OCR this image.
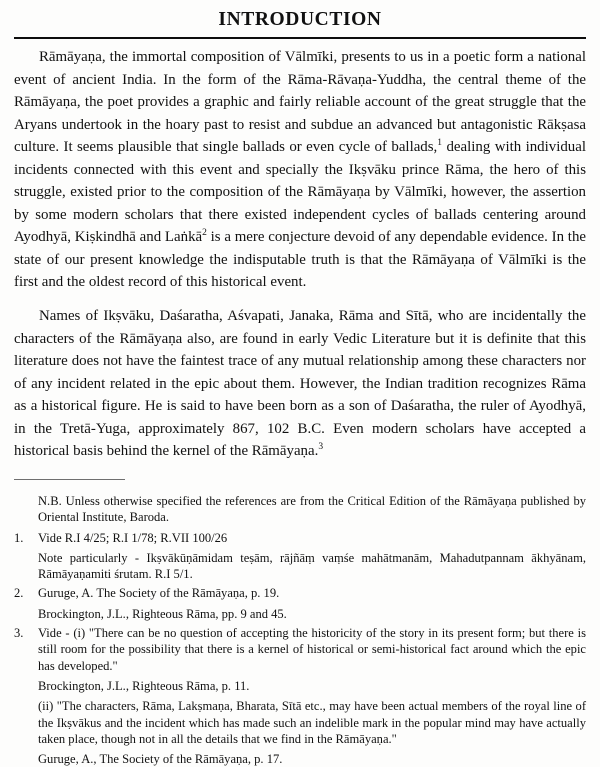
INTRODUCTION

Rāmāyaṇa, the immortal composition of Vālmīki, presents to us in a poetic form a national event of ancient India. In the form of the Rāma-Rāvaṇa-Yuddha, the central theme of the Rāmāyaṇa, the poet provides a graphic and fairly reliable account of the great struggle that the Aryans undertook in the hoary past to resist and subdue an advanced but antagonistic Rākṣasa culture. It seems plausible that single ballads or even cycle of ballads,$^1$ dealing with individual incidents connected with this event and specially the Ikṣvāku prince Rāma, the hero of this struggle, existed prior to the composition of the Rāmāyaṇa by Vālmīki, however, the assertion by some modern scholars that there existed independent cycles of ballads centering around Ayodhyā, Kiṣkindhā and Laṅkā$^2$ is a mere conjecture devoid of any dependable evidence. In the state of our present knowledge the indisputable truth is that the Rāmāyaṇa of Vālmīki is the first and the oldest record of this historical event.

Names of Ikṣvāku, Daśaratha, Aśvapati, Janaka, Rāma and Sītā, who are incidentally the characters of the Rāmāyaṇa also, are found in early Vedic Literature but it is definite that this literature does not have the faintest trace of any mutual relationship among these characters nor of any incident related in the epic about them. However, the Indian tradition recognizes Rāma as a historical figure. He is said to have been born as a son of Daśaratha, the ruler of Ayodhyā, in the Tretā-Yuga, approximately 867, 102 B.C. Even modern scholars have accepted a historical basis behind the kernel of the Rāmāyaṇa.$^3$

N.B. Unless otherwise specified the references are from the Critical Edition of the Rāmāyaṇa published by Oriental Institute, Baroda.

1. Vide R.I 4/25; R.I 1/78; R.VII 100/26

Note particularly - Ikṣvākūṇāmidam teṣām, rājñāṃ vaṃśe mahātmanām, Mahadutpannam ākhyānam, Rāmāyaṇamiti śrutam. R.I 5/1.

2. Guruge, A. The Society of the Rāmāyaṇa, p. 19.

Brockington, J.L., Righteous Rāma, pp. 9 and 45.

3. Vide - (i) "There can be no question of accepting the historicity of the story in its present form; but there is still room for the possibility that there is a kernel of historical or semi-historical fact around which the epic has developed."

Brockington, J.L., Righteous Rāma, p. 11.

(ii) "The characters, Rāma, Lakṣmaṇa, Bharata, Sītā etc., may have been actual members of the royal line of the Ikṣvākus and the incident which has made such an indelible mark in the popular mind may have actually taken place, though not in all the details that we find in the Rāmāyaṇa."

Guruge, A., The Society of the Rāmāyaṇa, p. 17.
